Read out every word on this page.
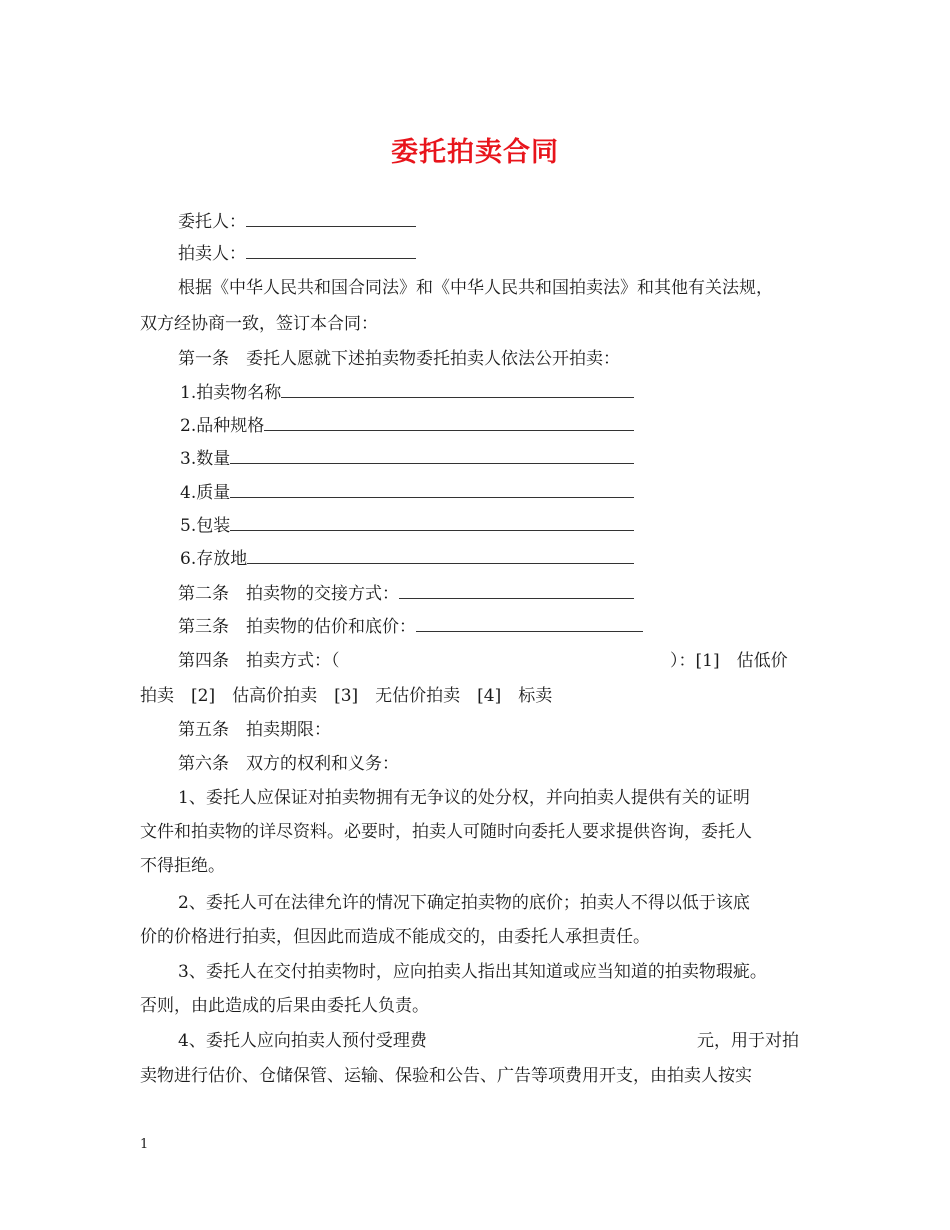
委托拍卖合同
委托人：
拍卖人：
根据《中华人民共和国合同法》和《中华人民共和国拍卖法》和其他有关法规，
双方经协商一致，签订本合同：
第一条　委托人愿就下述拍卖物委托拍卖人依法公开拍卖：
1.拍卖物名称
2.品种规格
3.数量
4.质量
5.包装
6.存放地
第二条　拍卖物的交接方式：
第三条　拍卖物的估价和底价：
第四条　拍卖方式：（	）：[1]　估低价
拍卖　[2]　估高价拍卖　[3]　无估价拍卖　[4]　标卖
第五条　拍卖期限：
第六条　双方的权利和义务：
1、委托人应保证对拍卖物拥有无争议的处分权，并向拍卖人提供有关的证明
文件和拍卖物的详尽资料。必要时，拍卖人可随时向委托人要求提供咨询，委托人
不得拒绝。
2、委托人可在法律允许的情况下确定拍卖物的底价；拍卖人不得以低于该底
价的价格进行拍卖，但因此而造成不能成交的，由委托人承担责任。
3、委托人在交付拍卖物时，应向拍卖人指出其知道或应当知道的拍卖物瑕疵。
否则，由此造成的后果由委托人负责。
4、委托人应向拍卖人预付受理费	元，用于对拍
卖物进行估价、仓储保管、运输、保验和公告、广告等项费用开支，由拍卖人按实
1
